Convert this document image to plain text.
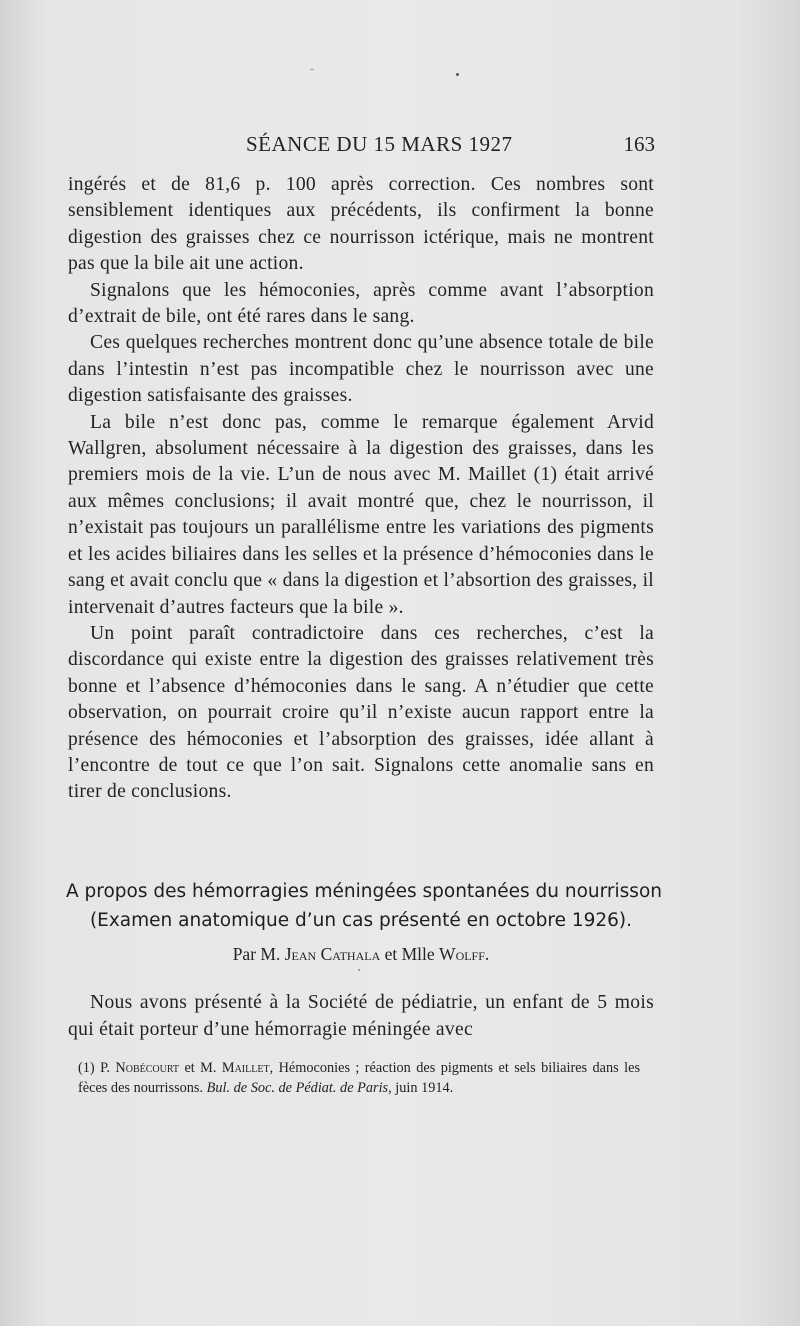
SÉANCE DU 15 MARS 1927	163

ingérés et de 81,6 p. 100 après correction. Ces nombres sont sensiblement identiques aux précédents, ils confirment la bonne digestion des graisses chez ce nourrisson ictérique, mais ne montrent pas que la bile ait une action.

Signalons que les hémoconies, après comme avant l’absorption d’extrait de bile, ont été rares dans le sang.

Ces quelques recherches montrent donc qu’une absence totale de bile dans l’intestin n’est pas incompatible chez le nourrisson avec une digestion satisfaisante des graisses.

La bile n’est donc pas, comme le remarque également Arvid Wallgren, absolument nécessaire à la digestion des graisses, dans les premiers mois de la vie. L’un de nous avec M. Maillet (1) était arrivé aux mêmes conclusions; il avait montré que, chez le nourrisson, il n’existait pas toujours un parallélisme entre les variations des pigments et les acides biliaires dans les selles et la présence d’hémoconies dans le sang et avait conclu que « dans la digestion et l’absortion des graisses, il intervenait d’autres facteurs que la bile ».

Un point paraît contradictoire dans ces recherches, c’est la discordance qui existe entre la digestion des graisses relativement très bonne et l’absence d’hémoconies dans le sang. A n’étudier que cette observation, on pourrait croire qu’il n’existe aucun rapport entre la présence des hémoconies et l’absorption des graisses, idée allant à l’encontre de tout ce que l’on sait. Signalons cette anomalie sans en tirer de conclusions.

A propos des hémorragies méningées spontanées du nourrisson
(Examen anatomique d’un cas présenté en octobre 1926).
Par M. Jean Cathala et Mlle Wolff.

Nous avons présenté à la Société de pédiatrie, un enfant de 5 mois qui était porteur d’une hémorragie méningée avec

(1) P. Nobécourt et M. Maillet, Hémoconies ; réaction des pigments et sels biliaires dans les fèces des nourrissons. Bul. de Soc. de Pédiat. de Paris, juin 1914.
